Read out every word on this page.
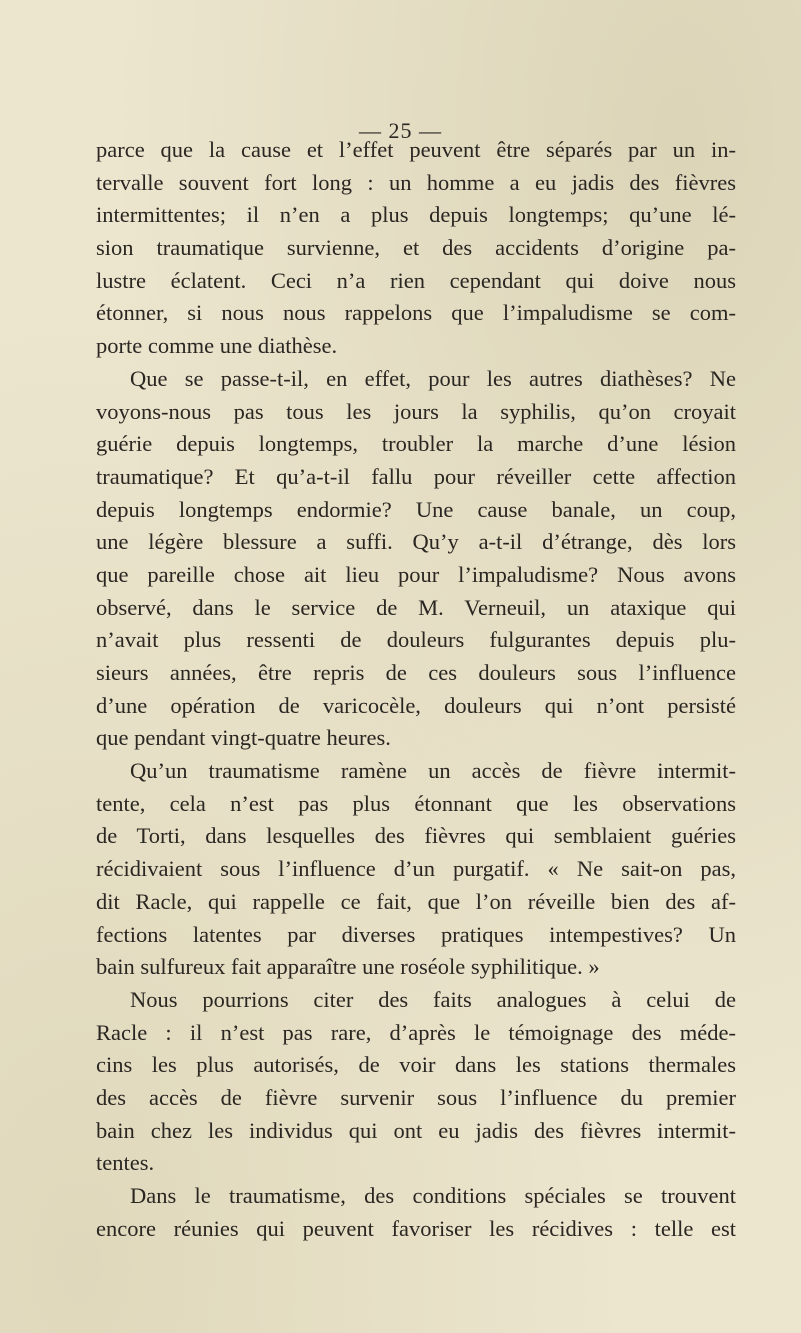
— 25 —
parce que la cause et l’effet peuvent être séparés par un in-
tervalle souvent fort long : un homme a eu jadis des fièvres
intermittentes; il n’en a plus depuis longtemps; qu’une lé-
sion traumatique survienne, et des accidents d’origine pa-
lustre éclatent. Ceci n’a rien cependant qui doive nous
étonner, si nous nous rappelons que l’impaludisme se com-
porte comme une diathèse.
Que se passe-t-il, en effet, pour les autres diathèses? Ne
voyons-nous pas tous les jours la syphilis, qu’on croyait
guérie depuis longtemps, troubler la marche d’une lésion
traumatique? Et qu’a-t-il fallu pour réveiller cette affection
depuis longtemps endormie? Une cause banale, un coup,
une légère blessure a suffi. Qu’y a-t-il d’étrange, dès lors
que pareille chose ait lieu pour l’impaludisme? Nous avons
observé, dans le service de M. Verneuil, un ataxique qui
n’avait plus ressenti de douleurs fulgurantes depuis plu-
sieurs années, être repris de ces douleurs sous l’influence
d’une opération de varicocèle, douleurs qui n’ont persisté
que pendant vingt-quatre heures.
Qu’un traumatisme ramène un accès de fièvre intermit-
tente, cela n’est pas plus étonnant que les observations
de Torti, dans lesquelles des fièvres qui semblaient guéries
récidivaient sous l’influence d’un purgatif. « Ne sait-on pas,
dit Racle, qui rappelle ce fait, que l’on réveille bien des af-
fections latentes par diverses pratiques intempestives? Un
bain sulfureux fait apparaître une roséole syphilitique. »
Nous pourrions citer des faits analogues à celui de
Racle : il n’est pas rare, d’après le témoignage des méde-
cins les plus autorisés, de voir dans les stations thermales
des accès de fièvre survenir sous l’influence du premier
bain chez les individus qui ont eu jadis des fièvres intermit-
tentes.
Dans le traumatisme, des conditions spéciales se trouvent
encore réunies qui peuvent favoriser les récidives : telle est
